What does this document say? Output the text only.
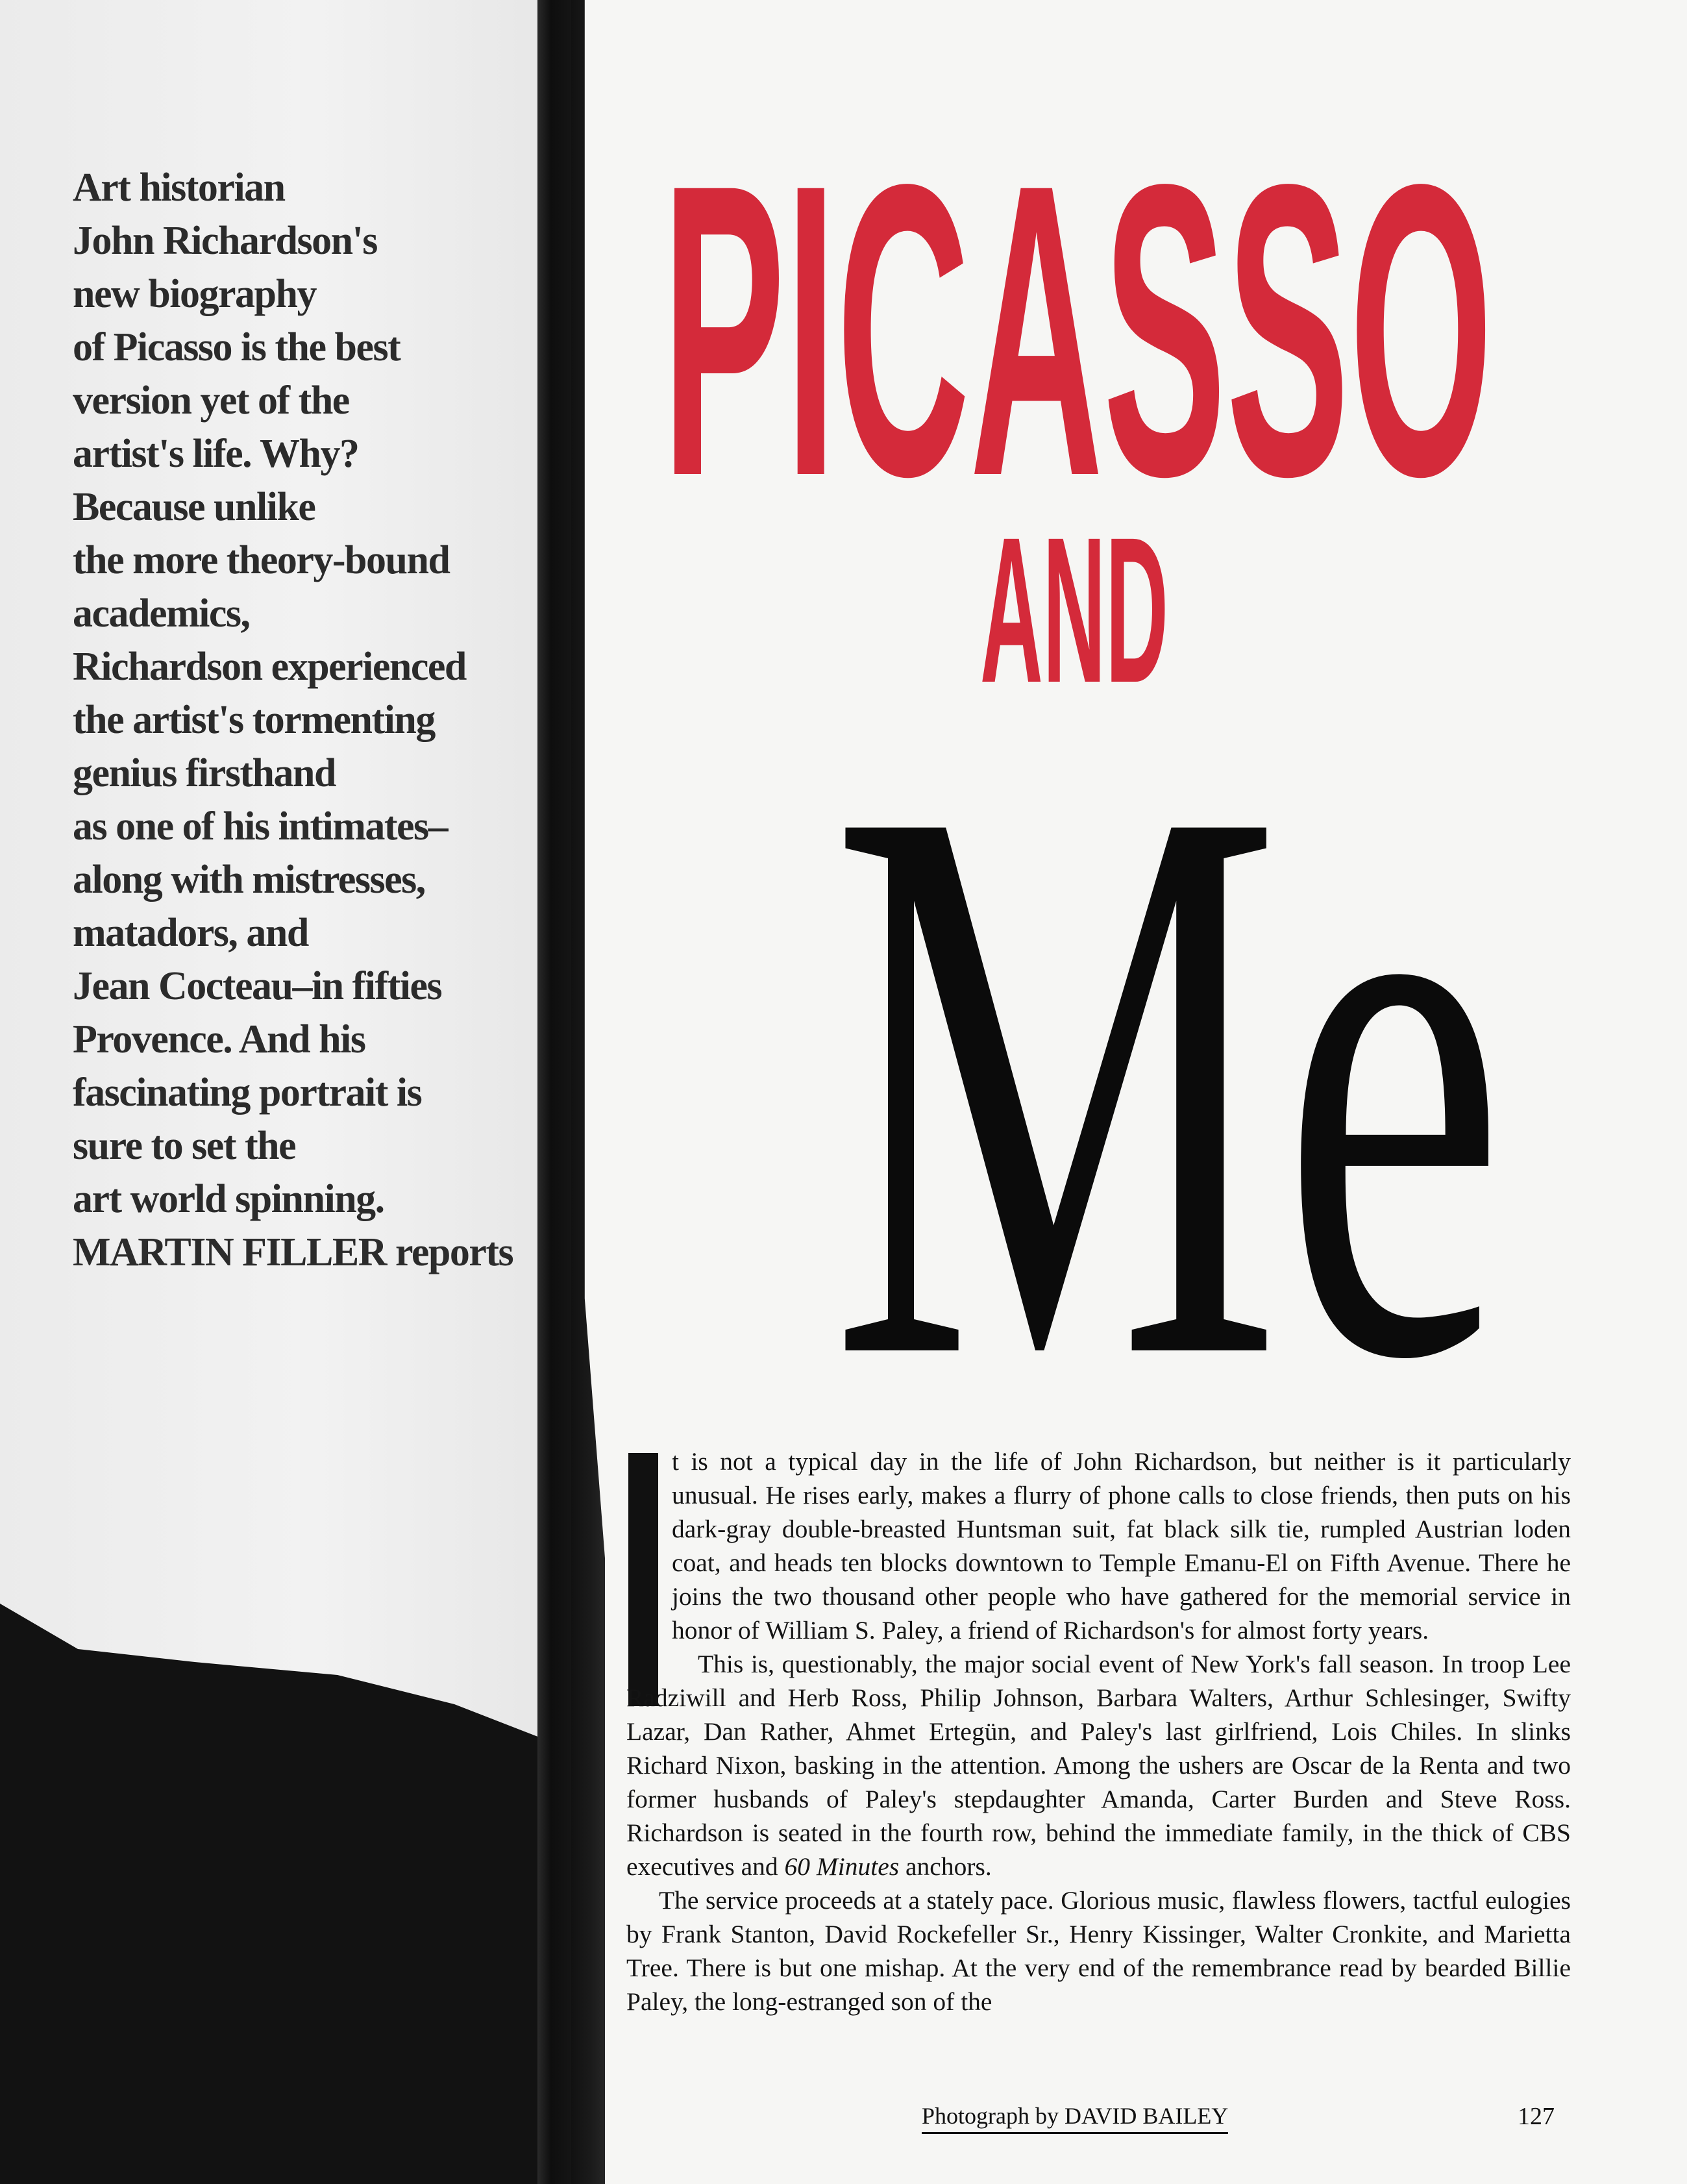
Art historian
John Richardson's
new biography
of Picasso is the best
version yet of the
artist's life. Why?
Because unlike
the more theory-bound
academics,
Richardson experienced
the artist's tormenting
genius firsthand
as one of his intimates–
along with mistresses,
matadors, and
Jean Cocteau–in fifties
Provence. And his
fascinating portrait is
sure to set the
art world spinning.
MARTIN FILLER reports

PICASSO
AND
Me

t is not a typical day in the life of John Richardson, but neither is it particularly unusual. He rises early, makes a flurry of phone calls to close friends, then puts on his dark-gray double-breasted Huntsman suit, fat black silk tie, rumpled Austrian loden coat, and heads ten blocks downtown to Temple Emanu-El on Fifth Avenue. There he joins the two thousand other people who have gathered for the memorial service in honor of William S. Paley, a friend of Richardson's for almost forty years.

This is, questionably, the major social event of New York's fall season. In troop Lee Radziwill and Herb Ross, Philip Johnson, Barbara Walters, Arthur Schlesinger, Swifty Lazar, Dan Rather, Ahmet Ertegün, and Paley's last girlfriend, Lois Chiles. In slinks Richard Nixon, basking in the attention. Among the ushers are Oscar de la Renta and two former husbands of Paley's stepdaughter Amanda, Carter Burden and Steve Ross. Richardson is seated in the fourth row, behind the immediate family, in the thick of CBS executives and 60 Minutes anchors.

The service proceeds at a stately pace. Glorious music, flawless flowers, tactful eulogies by Frank Stanton, David Rockefeller Sr., Henry Kissinger, Walter Cronkite, and Marietta Tree. There is but one mishap. At the very end of the remembrance read by bearded Billie Paley, the long-estranged son of the

Photograph by DAVID BAILEY	127
